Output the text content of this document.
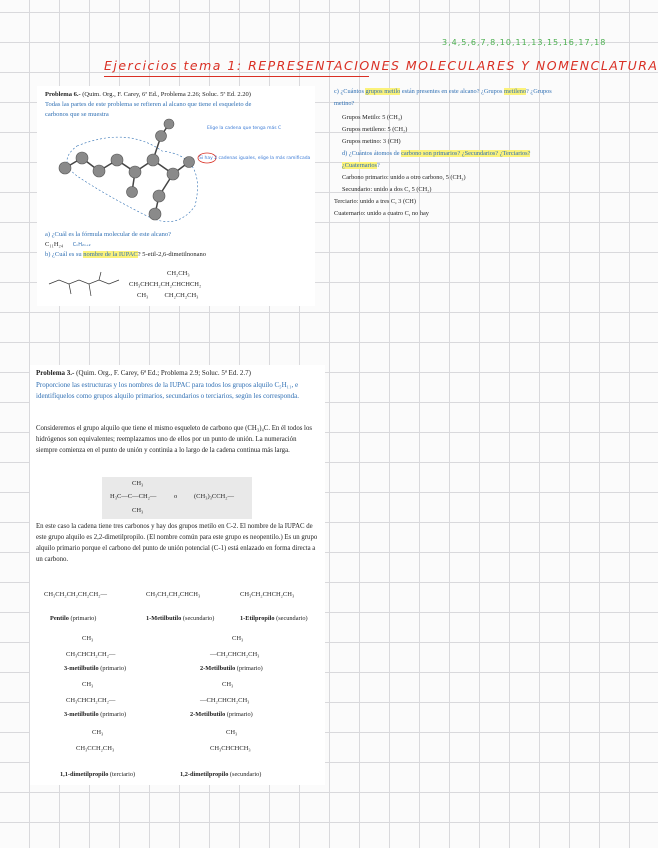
3,4,5,6,7,8,10,11,13,15,16,17,18
Ejercicios tema 1: REPRESENTACIONES MOLECULARES Y NOMENCLATURA
Problema 6.- (Quim. Org., F. Carey, 6ª Ed., Problema 2.26; Soluc. 5ª Ed. 2.20)
Todas las partes de este problema se refieren al alcano que tiene el esqueleto de carbonos que se muestra
Elige la cadena que tenga más C
Si hay 2 cadenas iguales, elige la más ramificada
a) ¿Cuál es la fórmula molecular de este alcano?
C₁₁H₂₄ CₙH₂ₙ₊₂
b) ¿Cuál es su nombre de la IUPAC? 5-etil-2,6-dimetilnonano
CH₂CH₃
CH₃CHCH₂CH₂CHCHCH₂
CH₃          CH₂CH₂CH₃
c) ¿Cuántos grupos metilo están presentes en este alcano? ¿Grupos metileno? ¿Grupos metino?
Grupos Metilo: 5 (CH₃)
Grupos metileno: 5 (CH₂)
Grupos metino: 3 (CH)
d) ¿Cuántos átomos de carbono son primarios? ¿Secundarios? ¿Terciarios? ¿Cuaternarios?
Carbono primario: unido a otro carbono, 5 (CH₃)
Secundario: unido a dos C, 5 (CH₂)
Terciario: unido a tres C, 3 (CH)
Cuaternario: unido a cuatro C, no hay
Problema 3.- (Quim. Org., F. Carey, 6ª Ed.; Problema 2.9; Soluc. 5ª Ed. 2.7)
Proporcione las estructuras y los nombres de la IUPAC para todos los grupos alquilo C₅H₁₁, e identifíquelos como grupos alquilo primarios, secundarios o terciarios, según les corresponda.
Consideremos el grupo alquilo que tiene el mismo esqueleto de carbono que (CH₃)₄C. En él todos los hidrógenos son equivalentes; reemplazamos uno de ellos por un punto de unión. La numeración siempre comienza en el punto de unión y continúa a lo largo de la cadena continua más larga.
CH₃
H₃C—C—CH₂—	o	(CH₃)₃CCH₂—
CH₃
En este caso la cadena tiene tres carbonos y hay dos grupos metilo en C-2. El nombre de la IUPAC de este grupo alquilo es 2,2-dimetilpropilo. (El nombre común para este grupo es neopentilo.) Es un grupo alquilo primario porque el carbono del punto de unión potencial (C-1) está enlazado en forma directa a un carbono.
CH₃CH₂CH₂CH₂CH₂—	CH₃CH₂CH₂CHCH₃	CH₃CH₂CHCH₂CH₃
Pentilo (primario)	1-Metilbutilo (secundario)	1-Etilpropilo (secundario)
CH₃	CH₃
CH₃CHCH₂CH₂—	—CH₂CHCH₂CH₃
3-metilbutilo (primario)	2-Metilbutilo (primario)
CH₃	CH₃
CH₃CHCH₂CH₂—	—CH₂CHCH₂CH₃
3-metilbutilo (primario)	2-Metilbutilo (primario)
CH₃	CH₃
CH₃CCH₂CH₃	CH₃CHCHCH₃
1,1-dimetilpropilo (terciario)	1,2-dimetilpropilo (secundario)
